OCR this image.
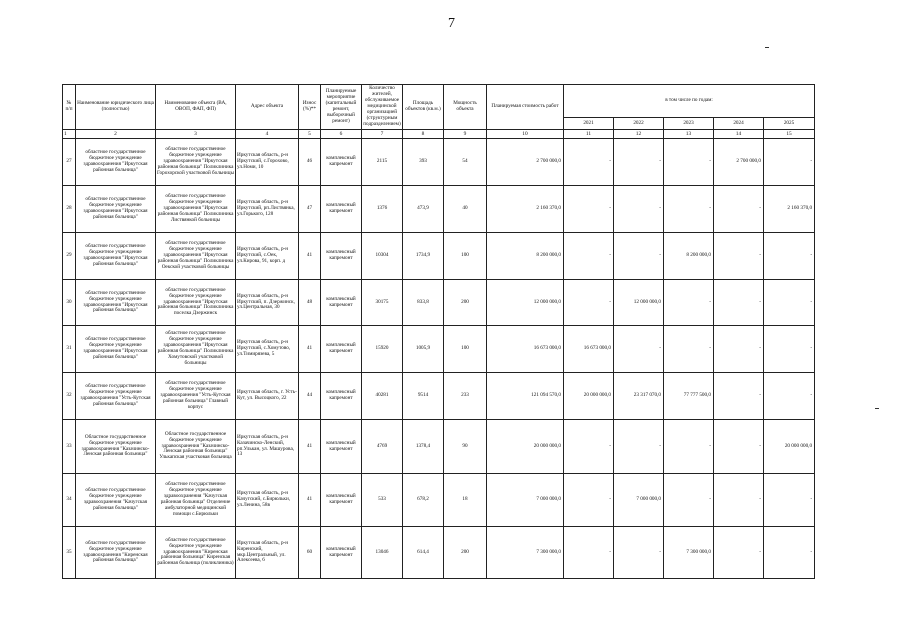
7
№ п/п	Наименование юридического лица (полностью)	Наименование объекта (ВА, ОВОП, ФАП, ФП)	Адрес объекта	Износ (%)**	Планируемые мероприятие (капитальный ремонт, выборочный ремонт)	Количество жителей, обслуживаемое медицинской организацией (структурным подразделением)	Площадь объектов (кв.м.)	Мощность объекта	Планируемая стоимость работ	в том числе по годам:				
										2021	2022	2023	2024	2025
1	2	3	4	5	6	7	8	9	10	11	12	13	14	15
27	областное государственное бюджетное учреждение здравоохранения "Иркутская районная больница"	областное государственное бюджетное учреждение здравоохранения "Иркутская районная больница" Поликлиника Горохорской участковой больницы	Иркутская область, р-н Иркутский, с.Горохово, ул.Номи, 10	46	комплексный капремонт	2115	393	54	2 700 000,0	-	-	-	2 700 000,0	-
28	областное государственное бюджетное учреждение здравоохранения "Иркутская районная больница"	областное государственное бюджетное учреждение здравоохранения "Иркутская районная больница" Поликлиника Листвянкой больницы	Иркутская область, р-н Иркутский, рп.Листвянка, ул.Горького, 128	47	комплексный капремонт	1376	473,9	40	2 160 370,0	-	-	-	-	2 160 370,0
29	областное государственное бюджетное учреждение здравоохранения "Иркутская районная больница"	областное государственное бюджетное учреждение здравоохранения "Иркутская районная больница" Поликлиника Оекской участковой больницы	Иркутская область, р-н Иркутский, с.Оек, ул.Кирова, 91, корп. д	41	комплексный капремонт	10304	1734,9	100	8 200 000,0	-	-	8 200 000,0	-	-
30	областное государственное бюджетное учреждение здравоохранения "Иркутская районная больница"	областное государственное бюджетное учреждение здравоохранения "Иркутская районная больница" Поликлиника поселка Дзержинск	Иркутская область, р-н Иркутский, п. Дзержинск, ул.Центральная, 30	48	комплексный капремонт	30175	833,8	200	12 000 000,0	-	12 000 000,0	-	-	-
31	областное государственное бюджетное учреждение здравоохранения "Иркутская районная больница"	областное государственное бюджетное учреждение здравоохранения "Иркутская районная больница" Поликлиника Хомутовской участковой больницы	Иркутская область, р-н Иркутский, с.Хомутово, ул.Тимирязева, 5	41	комплексный капремонт	15920	1005,9	100	16 673 000,0	16 673 000,0	-	-	-	-
32	областное государственное бюджетное учреждение здравоохранения "Усть-Кутская районная больница"	областное государственное бюджетное учреждение здравоохранения "Усть-Кутская районная больница" Главный корпус	Иркутская область, г. Усть-Кут, ул. Высоцкого, 22	44	комплексный капремонт	40281	9514	233	121 094 570,0	20 000 000,0	23 317 070,0	77 777 500,0	-	-
33	Областное государственное бюджетное учреждение здравоохранения "Казачинско-Ленская районная больница"	Областное государственное бюджетное учреждение здравоохранения "Казачинско-Ленская районная больница" Улькапская участковая больница	Иркутская область, р-н Казачинско-Ленский, рп.Улькан, ул. Машурова, 13	41	комплексный капремонт	4769	1378,4	90	20 000 000,0	-	-	-	-	20 000 000,0
34	областное государственное бюджетное учреждение здравоохранения "Качугская районная больница"	областное государственное бюджетное учреждение здравоохранения "Качугская районная больница" Отделение амбулаторной медицинской помощи с.Бирюльки	Иркутская область, р-н Качугский, с.Бирюльки, ул.Ленина, 58в	41	комплексный капремонт	533	678,2	18	7 000 000,0	-	7 000 000,0	-	-	-
35	областное государственное бюджетное учреждение здравоохранения "Киренская районная больница"	областное государственное бюджетное учреждение здравоохранения "Киренская районная больница" Киренская районная больница (поликлиника)	Иркутская область, р-н Киренский, мкр.Центральный, ул. Алексеева, 6	60	комплексный капремонт	13046	614,4	200	7 300 000,0	-	-	7 300 000,0	-	-
